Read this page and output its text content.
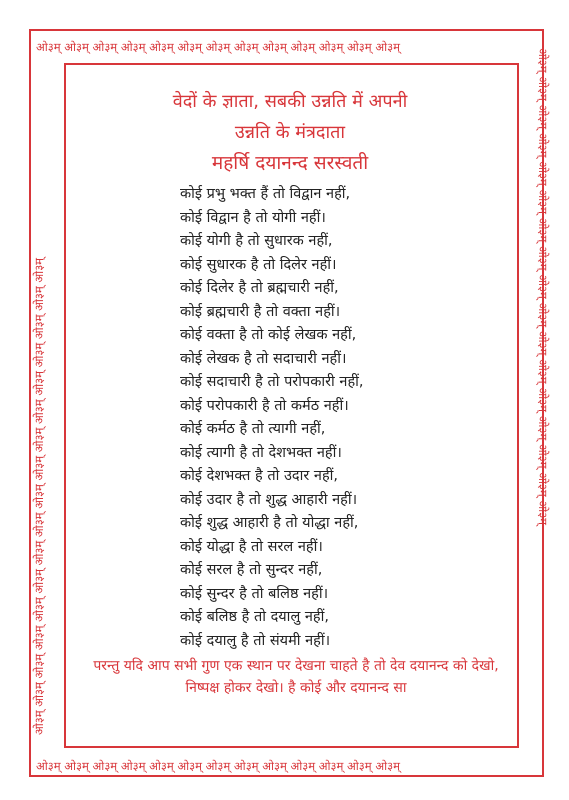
ओ३म् ओ३म् ओ३म् ओ३म् ओ३म् ओ३म् ओ३म् ओ३म् ओ३म् ओ३म् ओ३म् ओ३म् ओ३म्
ओ३म् ओ३म् ओ३म् ओ३म् ओ३म् ओ३म् ओ३म् ओ३म् ओ३म् ओ३म् ओ३म् ओ३म् ओ३म्
ओ३म् ओ३म् ओ३म् ओ३म् ओ३म् ओ३म् ओ३म् ओ३म् ओ३म् ओ३म् ओ३म् ओ३म् ओ३म् ओ३म् ओ३म् ओ३म् ओ३म्	ओ३म् ओ३म् ओ३म् ओ३म् ओ३म् ओ३म् ओ३म् ओ३म् ओ३म् ओ३म् ओ३म् ओ३म् ओ३म् ओ३म् ओ३म् ओ३म् ओ३म्
वेदों के ज्ञाता, सबकी उन्नति में अपनी
उन्नति के मंत्रदाता
महर्षि दयानन्द सरस्वती
कोई प्रभु भक्त हैं तो विद्वान नहीं,
कोई विद्वान है तो योगी नहीं।
कोई योगी है तो सुधारक नहीं,
कोई सुधारक है तो दिलेर नहीं।
कोई दिलेर है तो ब्रह्मचारी नहीं,
कोई ब्रह्मचारी है तो वक्ता नहीं।
कोई वक्ता है तो कोई लेखक नहीं,
कोई लेखक है तो सदाचारी नहीं।
कोई सदाचारी है तो परोपकारी नहीं,
कोई परोपकारी है तो कर्मठ नहीं।
कोई कर्मठ है तो त्यागी नहीं,
कोई त्यागी है तो देशभक्त नहीं।
कोई देशभक्त है तो उदार नहीं,
कोई उदार है तो शुद्ध आहारी नहीं।
कोई शुद्ध आहारी है तो योद्धा नहीं,
कोई योद्धा है तो सरल नहीं।
कोई सरल है तो सुन्दर नहीं,
कोई सुन्दर है तो बलिष्ठ नहीं।
कोई बलिष्ठ है तो दयालु नहीं,
कोई दयालु है तो संयमी नहीं।
परन्तु यदि आप सभी गुण एक स्थान पर देखना चाहते है तो देव दयानन्द को देखो, निष्पक्ष होकर देखो। है कोई और दयानन्द सा
